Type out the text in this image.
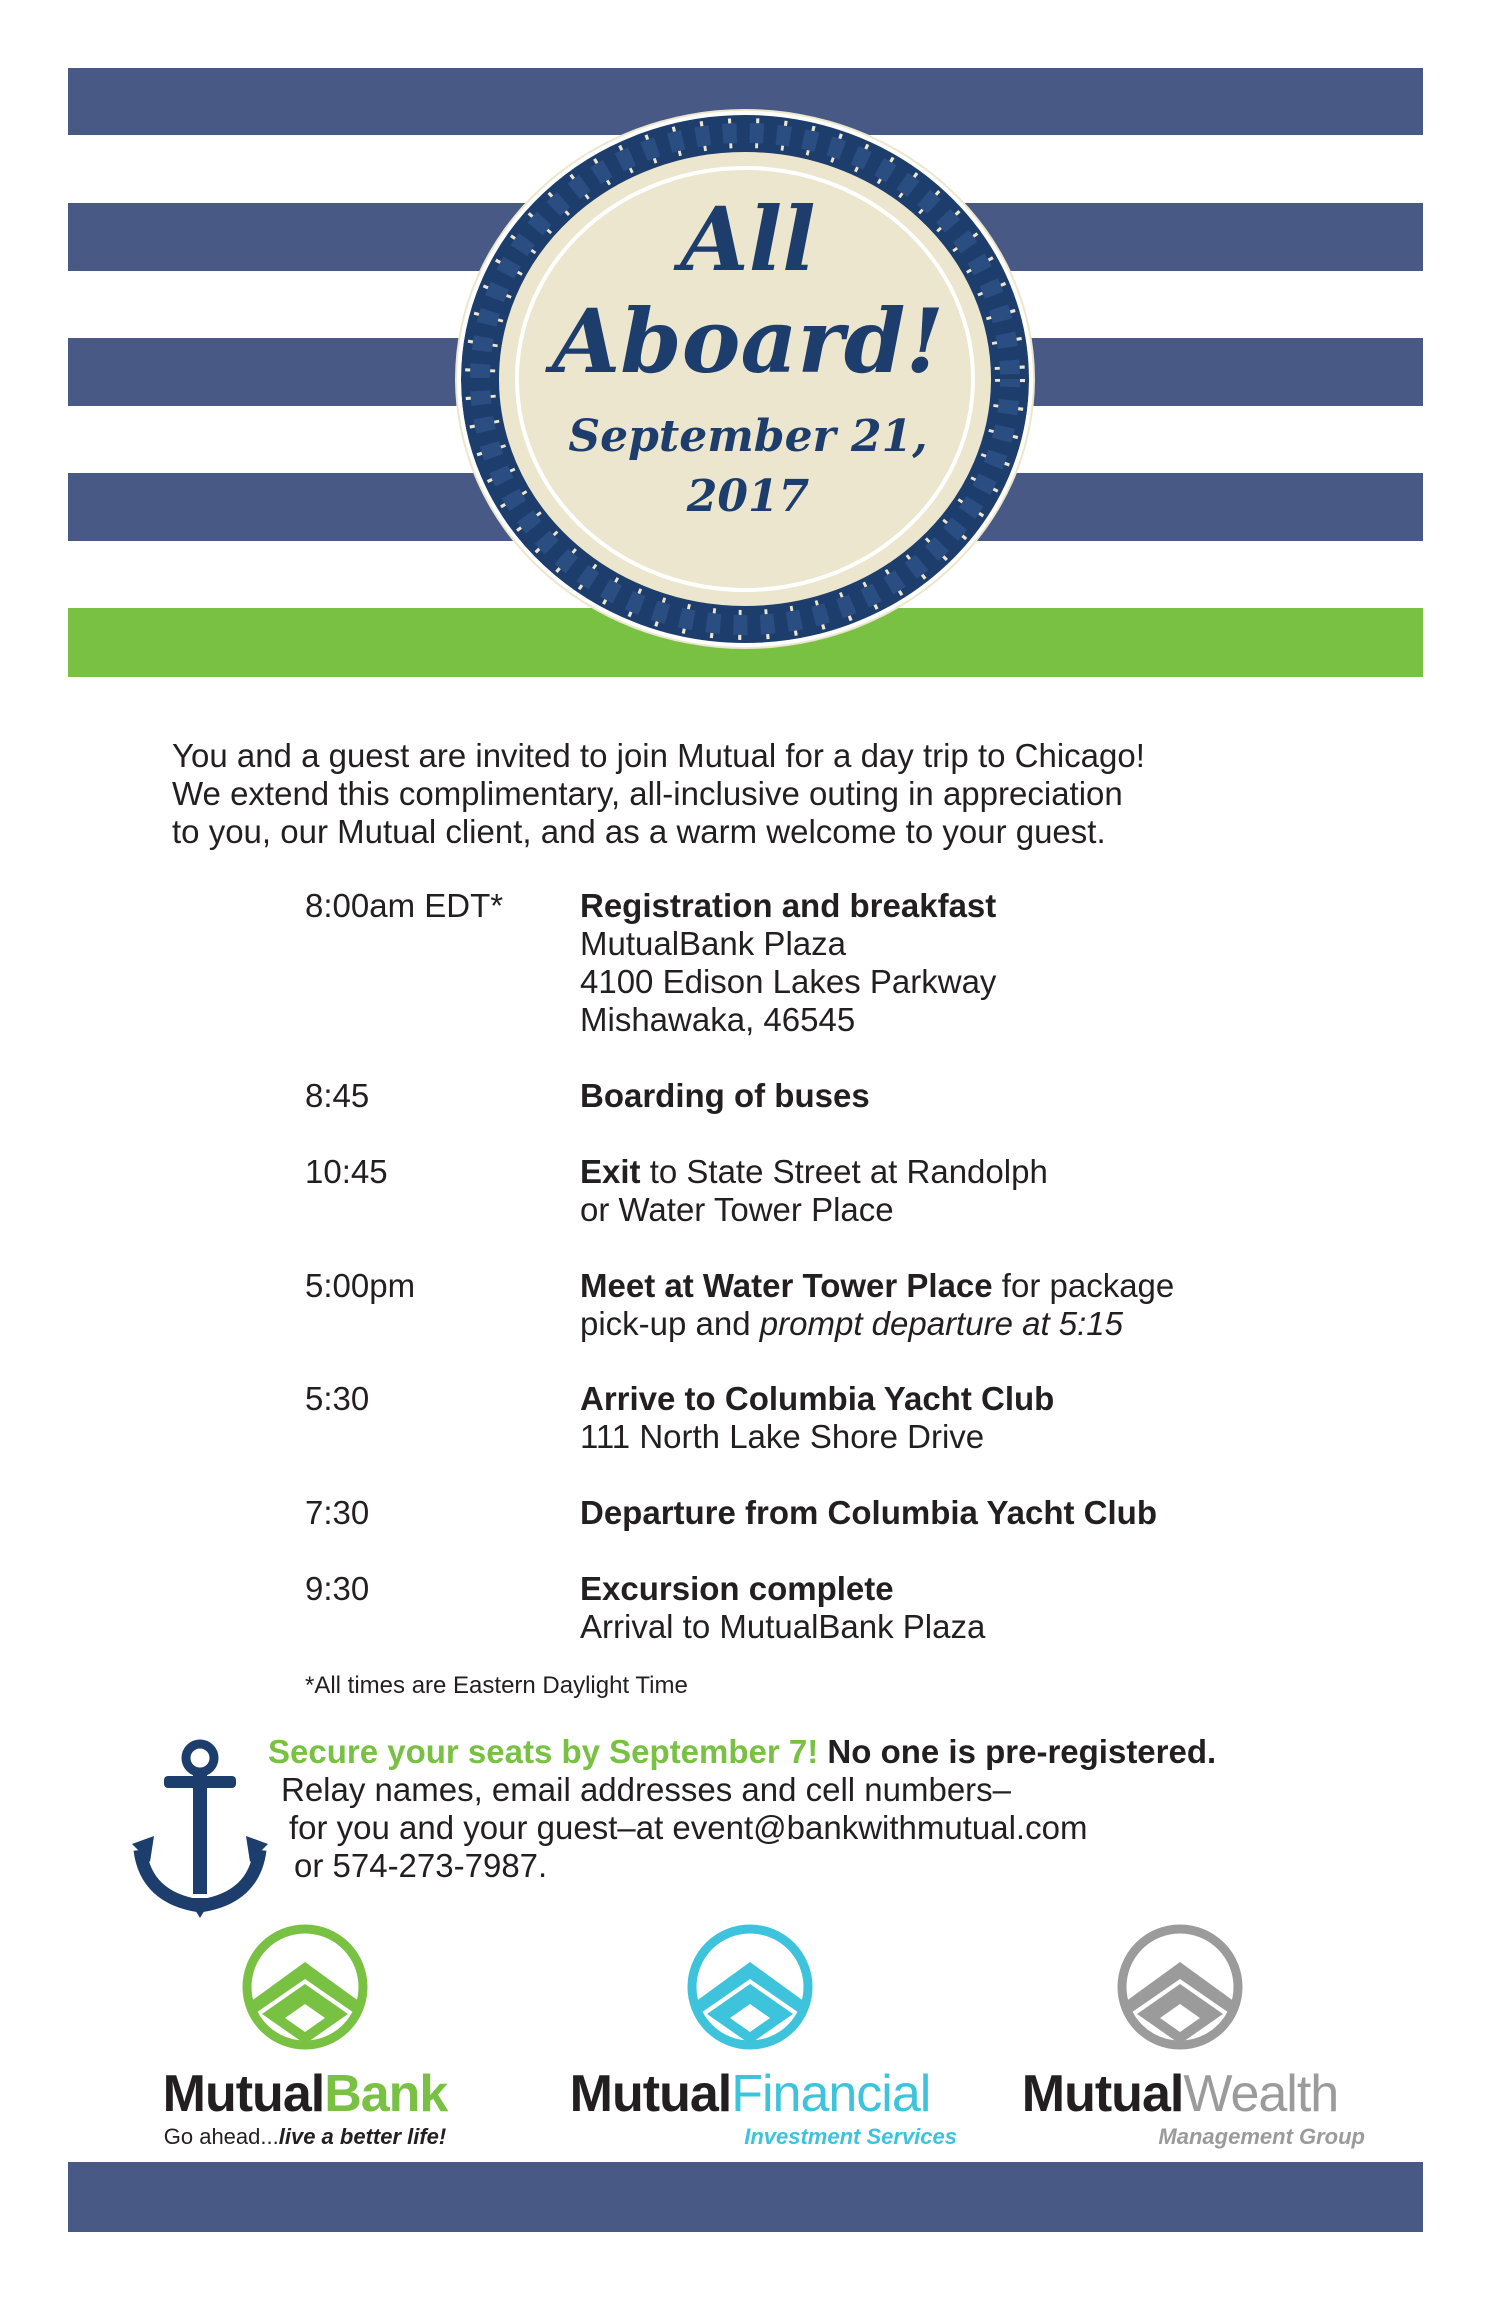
All
Aboard!
September 21,
2017
You and a guest are invited to join Mutual for a day trip to Chicago!
We extend this complimentary, all-inclusive outing in appreciation
to you, our Mutual client, and as a warm welcome to your guest.
8:00am EDT*	Registration and breakfast
MutualBank Plaza
4100 Edison Lakes Parkway
Mishawaka, 46545
8:45	Boarding of buses
10:45	Exit to State Street at Randolph
or Water Tower Place
5:00pm	Meet at Water Tower Place for package
pick-up and prompt departure at 5:15
5:30	Arrive to Columbia Yacht Club
111 North Lake Shore Drive
7:30	Departure from Columbia Yacht Club
9:30	Excursion complete
Arrival to MutualBank Plaza
*All times are Eastern Daylight Time
Secure your seats by September 7! No one is pre-registered.
Relay names, email addresses and cell numbers–
for you and your guest–at event@bankwithmutual.com
or 574-273-7987.
MutualBank
Go ahead...live a better life!
MutualFinancial
Investment Services
MutualWealth
Management Group
